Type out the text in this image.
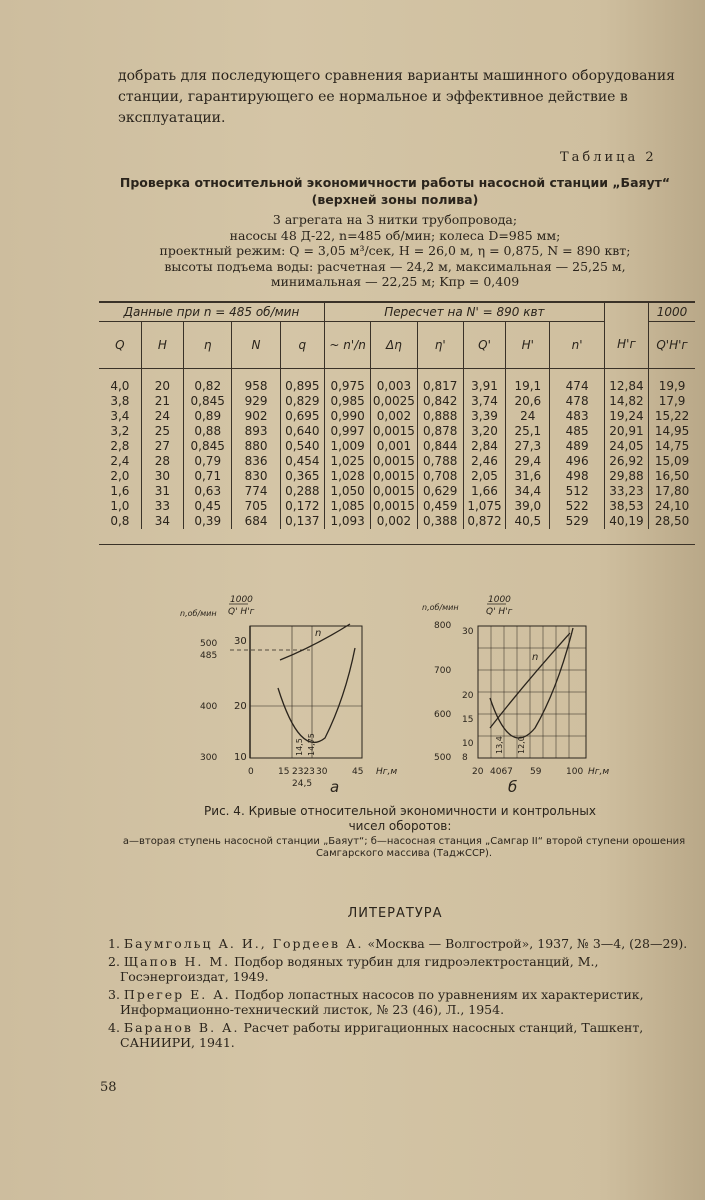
добрать для последующего сравнения варианты машинного оборудования станции, гарантирующего ее нормальное и эффективное действие в эксплуатации.
Таблица 2
Проверка относительной экономичности работы насосной станции „Баяут“
(верхней зоны полива)
3 агрегата на 3 нитки трубопровода;
насосы 48 Д-22, n=485 об/мин; колеса D=985 мм;
проектный режим: Q = 3,05 м³/сек, H = 26,0 м, η = 0,875, N = 890 квт;
высоты подъема воды: расчетная — 24,2 м, максимальная — 25,25 м,
минимальная — 22,25 м; Kпр = 0,409
Данные при n = 485 об/мин					Пересчет на N' = 890 квт							1000
Q	H	η	N	q	~ n'/n	Δη	η'	Q'	H'	n'	H'г	Q'H'г
4,0	20	0,82	958	0,895	0,975	0,003	0,817	3,91	19,1	474	12,84	19,9
3,8	21	0,845	929	0,829	0,985	0,0025	0,842	3,74	20,6	478	14,82	17,9
3,4	24	0,89	902	0,695	0,990	0,002	0,888	3,39	24	483	19,24	15,22
3,2	25	0,88	893	0,640	0,997	0,0015	0,878	3,20	25,1	485	20,91	14,95
2,8	27	0,845	880	0,540	1,009	0,001	0,844	2,84	27,3	489	24,05	14,75
2,4	28	0,79	836	0,454	1,025	0,0015	0,788	2,46	29,4	496	26,92	15,09
2,0	30	0,71	830	0,365	1,028	0,0015	0,708	2,05	31,6	498	29,88	16,50
1,6	31	0,63	774	0,288	1,050	0,0015	0,629	1,66	34,4	512	33,23	17,80
1,0	33	0,45	705	0,172	1,085	0,0015	0,459	1,075	39,0	522	38,53	24,10
0,8	34	0,39	684	0,137	1,093	0,002	0,388	0,872	40,5	529	40,19	28,50
1000
Q' H'г
n,об/мин
500
485
400
300
30
20
10
n
14,5 14,75
0	15 2323 30	45 Hг,м
24,5 а
1000
Q' H'г
n,об/мин
800
700
600
500
30
20
15
10
8
n
13,4 12,0
20 4067 59	100 Hг,м
б
Рис. 4. Кривые относительной экономичности и контрольных
чисел оборотов:
а—вторая ступень насосной станции „Баяут“; б—насосная станция „Самгар II“ второй ступени орошения Самгарского массива (ТаджССР).
ЛИТЕРАТУРА
1. Баумгольц А. И., Гордеев А. «Москва — Волгострой», 1937, № 3—4, (28—29).
2. Щапов Н. М. Подбор водяных турбин для гидроэлектростанций, М., Госэнергоиздат, 1949.
3. Прегер Е. А. Подбор лопастных насосов по уравнениям их характеристик, Информационно-технический листок, № 23 (46), Л., 1954.
4. Баранов В. А. Расчет работы ирригационных насосных станций, Ташкент, САНИИРИ, 1941.
58
